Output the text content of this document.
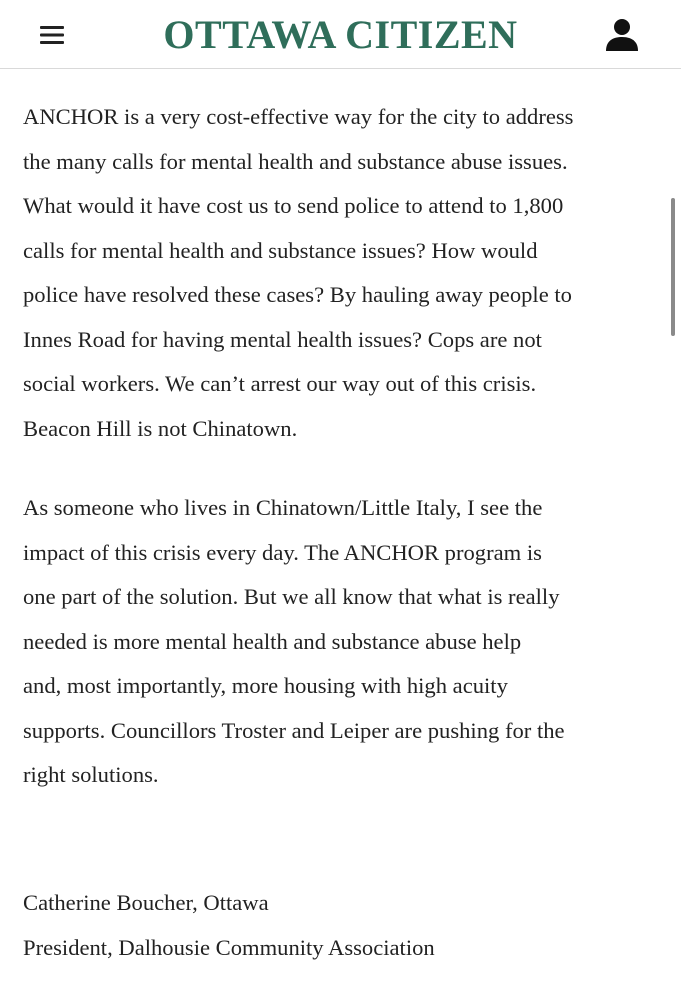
OTTAWA CITIZEN

ANCHOR is a very cost-effective way for the city to address

the many calls for mental health and substance abuse issues.

What would it have cost us to send police to attend to 1,800

calls for mental health and substance issues? How would

police have resolved these cases? By hauling away people to

Innes Road for having mental health issues? Cops are not

social workers. We can’t arrest our way out of this crisis.

Beacon Hill is not Chinatown.

As someone who lives in Chinatown/Little Italy, I see the

impact of this crisis every day. The ANCHOR program is

one part of the solution. But we all know that what is really

needed is more mental health and substance abuse help

and, most importantly, more housing with high acuity

supports. Councillors Troster and Leiper are pushing for the

right solutions.

Catherine Boucher, Ottawa

President, Dalhousie Community Association
